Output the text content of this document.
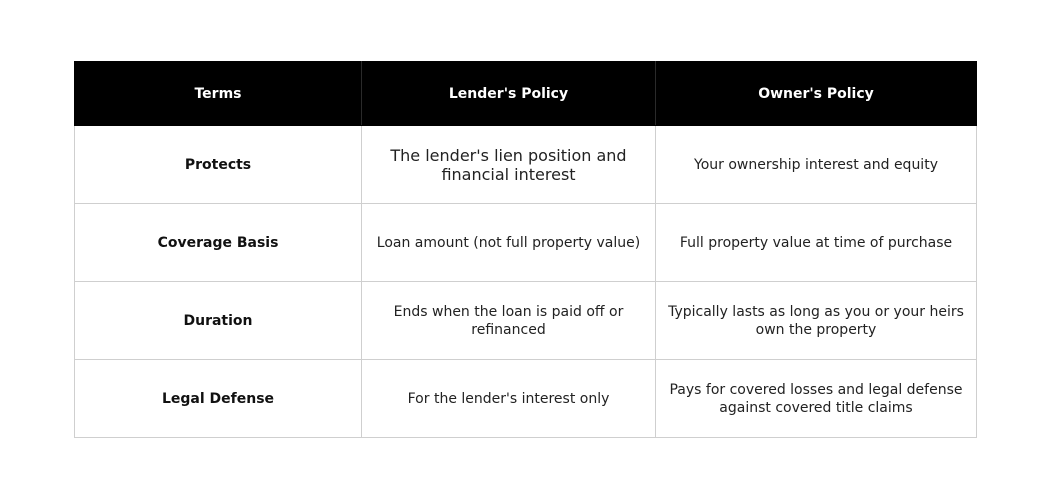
Terms	Lender's Policy	Owner's Policy
Protects	The lender's lien position and financial interest	Your ownership interest and equity
Coverage Basis	Loan amount (not full property value)	Full property value at time of purchase
Duration	Ends when the loan is paid off or refinanced	Typically lasts as long as you or your heirs own the property
Legal Defense	For the lender's interest only	Pays for covered losses and legal defense against covered title claims
